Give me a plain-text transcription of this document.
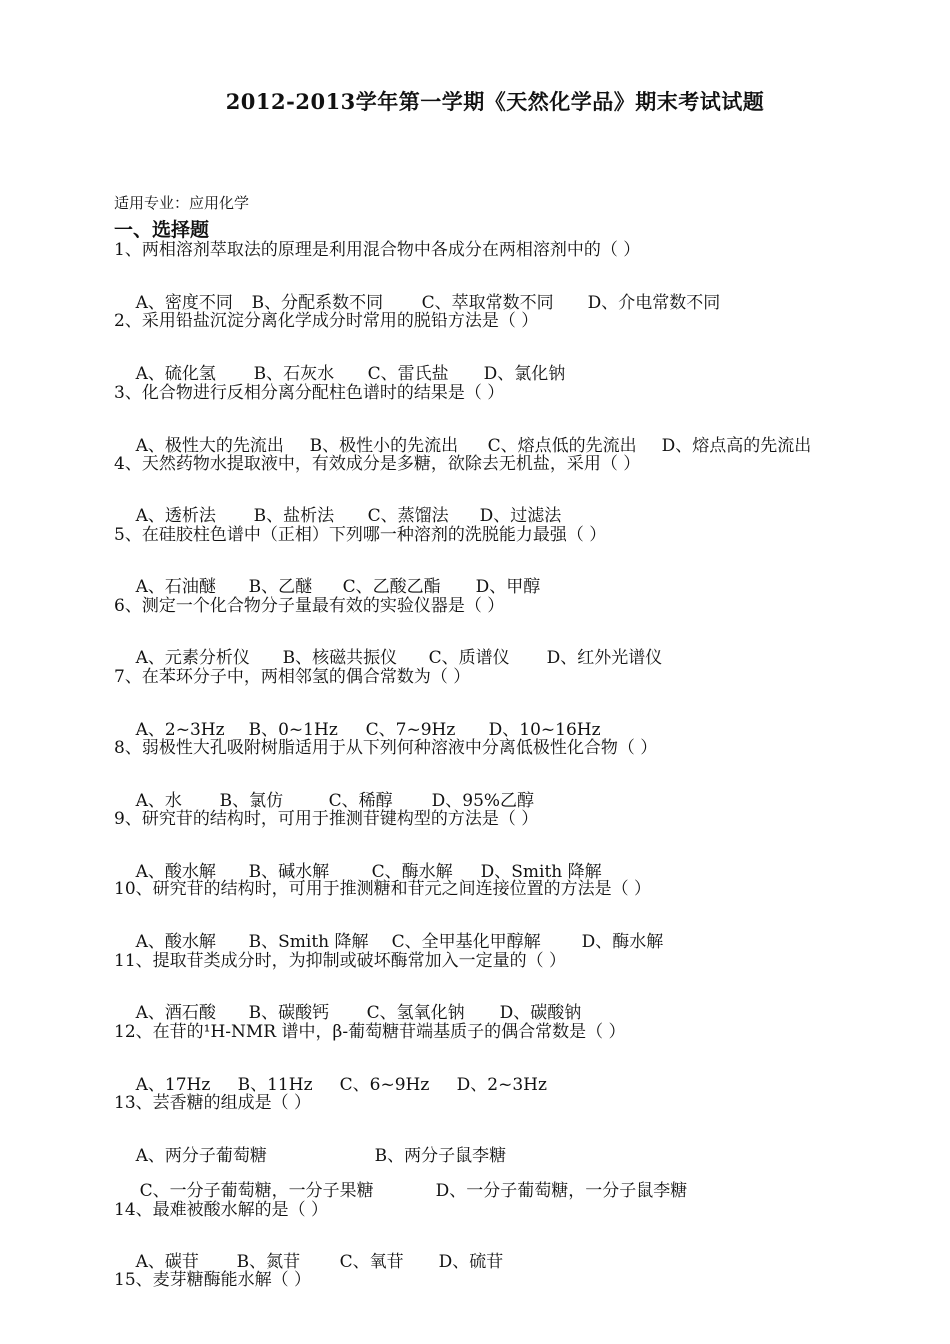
2012-2013学年第一学期《天然化学品》期末考试试题
适用专业：应用化学
一、选择题
1、两相溶剂萃取法的原理是利用混合物中各成分在两相溶剂中的（ ）

A、密度不同 B、分配系数不同 C、萃取常数不同 D、介电常数不同

2、采用铅盐沉淀分离化学成分时常用的脱铅方法是（ ）

A、硫化氢 B、石灰水 C、雷氏盐 D、氯化钠

3、化合物进行反相分离分配柱色谱时的结果是（ ）

A、极性大的先流出 B、极性小的先流出 C、熔点低的先流出 D、熔点高的先流出

4、天然药物水提取液中，有效成分是多糖，欲除去无机盐，采用（ ）

A、透析法 B、盐析法 C、蒸馏法 D、过滤法

5、在硅胶柱色谱中（正相）下列哪一种溶剂的洗脱能力最强（ ）

A、石油醚 B、乙醚 C、乙酸乙酯 D、甲醇

6、测定一个化合物分子量最有效的实验仪器是（ ）

A、元素分析仪 B、核磁共振仪 C、质谱仪 D、红外光谱仪

7、在苯环分子中，两相邻氢的偶合常数为（ ）

A、2~3Hz B、0~1Hz C、7~9Hz D、10~16Hz

8、弱极性大孔吸附树脂适用于从下列何种溶液中分离低极性化合物（ ）

A、水 B、氯仿	C、稀醇 D、95%乙醇

9、研究苷的结构时，可用于推测苷键构型的方法是（ ）

A、酸水解 B、碱水解	C、酶水解 D、Smith 降解

10、研究苷的结构时，可用于推测糖和苷元之间连接位置的方法是（ ）

A、酸水解 B、Smith 降解 C、全甲基化甲醇解 D、酶水解

11、提取苷类成分时，为抑制或破坏酶常加入一定量的（ ）

A、酒石酸 B、碳酸钙 C、氢氧化钠 D、碳酸钠

12、在苷的¹H-NMR 谱中，β-葡萄糖苷端基质子的偶合常数是（ ）

A、17Hz B、11Hz C、6~9Hz D、2~3Hz

13、芸香糖的组成是（ ）

A、两分子葡萄糖	B、两分子鼠李糖

C、一分子葡萄糖，一分子果糖	D、一分子葡萄糖，一分子鼠李糖

14、最难被酸水解的是（ ）

A、碳苷 B、氮苷 C、氧苷 D、硫苷

15、麦芽糖酶能水解（ ）
